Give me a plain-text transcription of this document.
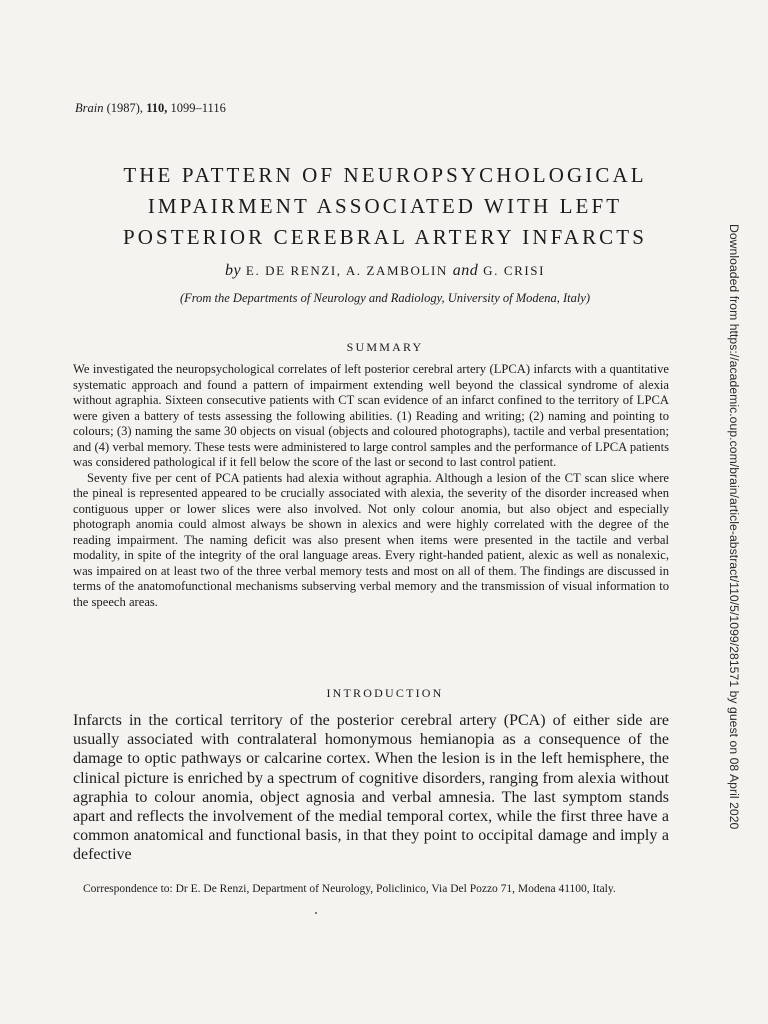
Brain (1987), 110, 1099–1116
THE PATTERN OF NEUROPSYCHOLOGICAL
IMPAIRMENT ASSOCIATED WITH LEFT
POSTERIOR CEREBRAL ARTERY INFARCTS
by E. DE RENZI, A. ZAMBOLIN and G. CRISI
(From the Departments of Neurology and Radiology, University of Modena, Italy)
SUMMARY

We investigated the neuropsychological correlates of left posterior cerebral artery (LPCA) infarcts with a quantitative systematic approach and found a pattern of impairment extending well beyond the classical syndrome of alexia without agraphia. Sixteen consecutive patients with CT scan evidence of an infarct confined to the territory of LPCA were given a battery of tests assessing the following abilities. (1) Reading and writing; (2) naming and pointing to colours; (3) naming the same 30 objects on visual (objects and coloured photographs), tactile and verbal presentation; and (4) verbal memory. These tests were administered to large control samples and the performance of LPCA patients was considered pathological if it fell below the score of the last or second to last control patient.

Seventy five per cent of PCA patients had alexia without agraphia. Although a lesion of the CT scan slice where the pineal is represented appeared to be crucially associated with alexia, the severity of the disorder increased when contiguous upper or lower slices were also involved. Not only colour anomia, but also object and especially photograph anomia could almost always be shown in alexics and were highly correlated with the degree of the reading impairment. The naming deficit was also present when items were presented in the tactile and verbal modality, in spite of the integrity of the oral language areas. Every right-handed patient, alexic as well as nonalexic, was impaired on at least two of the three verbal memory tests and most on all of them. The findings are discussed in terms of the anatomofunctional mechanisms subserving verbal memory and the transmission of visual information to the speech areas.

INTRODUCTION

Infarcts in the cortical territory of the posterior cerebral artery (PCA) of either side are usually associated with contralateral homonymous hemianopia as a consequence of the damage to optic pathways or calcarine cortex. When the lesion is in the left hemisphere, the clinical picture is enriched by a spectrum of cognitive disorders, ranging from alexia without agraphia to colour anomia, object agnosia and verbal amnesia. The last symptom stands apart and reflects the involvement of the medial temporal cortex, while the first three have a common anatomical and functional basis, in that they point to occipital damage and imply a defective

Correspondence to: Dr E. De Renzi, Department of Neurology, Policlinico, Via Del Pozzo 71, Modena 41100, Italy.

Downloaded from https://academic.oup.com/brain/article-abstract/110/5/1099/281571 by guest on 08 April 2020
